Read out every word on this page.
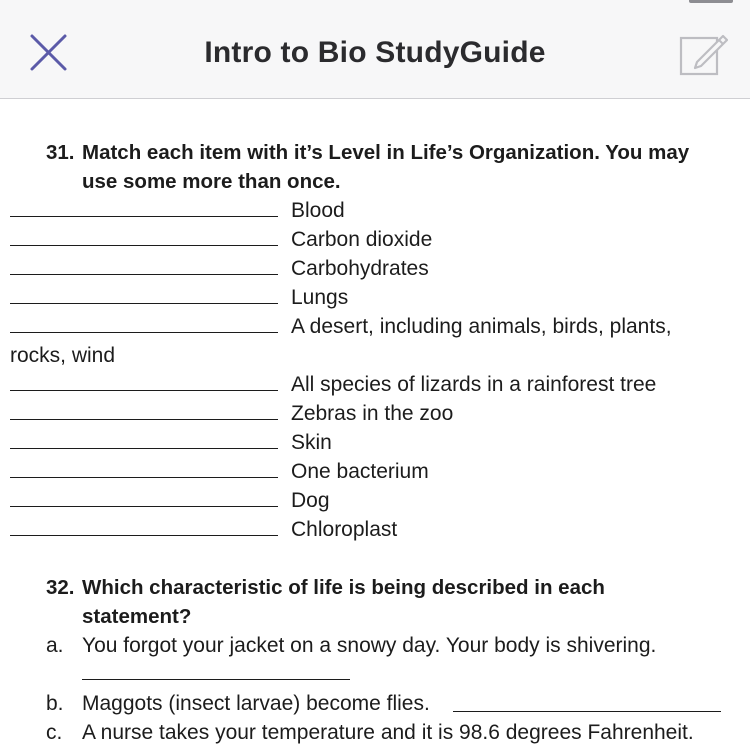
Intro to Bio StudyGuide
31. Match each item with it’s Level in Life’s Organization. You may
use some more than once.
Blood
Carbon dioxide
Carbohydrates
Lungs
A desert, including animals, birds, plants,
rocks, wind
All species of lizards in a rainforest tree
Zebras in the zoo
Skin
One bacterium
Dog
Chloroplast
32. Which characteristic of life is being described in each
statement?
a. You forgot your jacket on a snowy day. Your body is shivering.
b. Maggots (insect larvae) become flies.
c. A nurse takes your temperature and it is 98.6 degrees Fahrenheit.
